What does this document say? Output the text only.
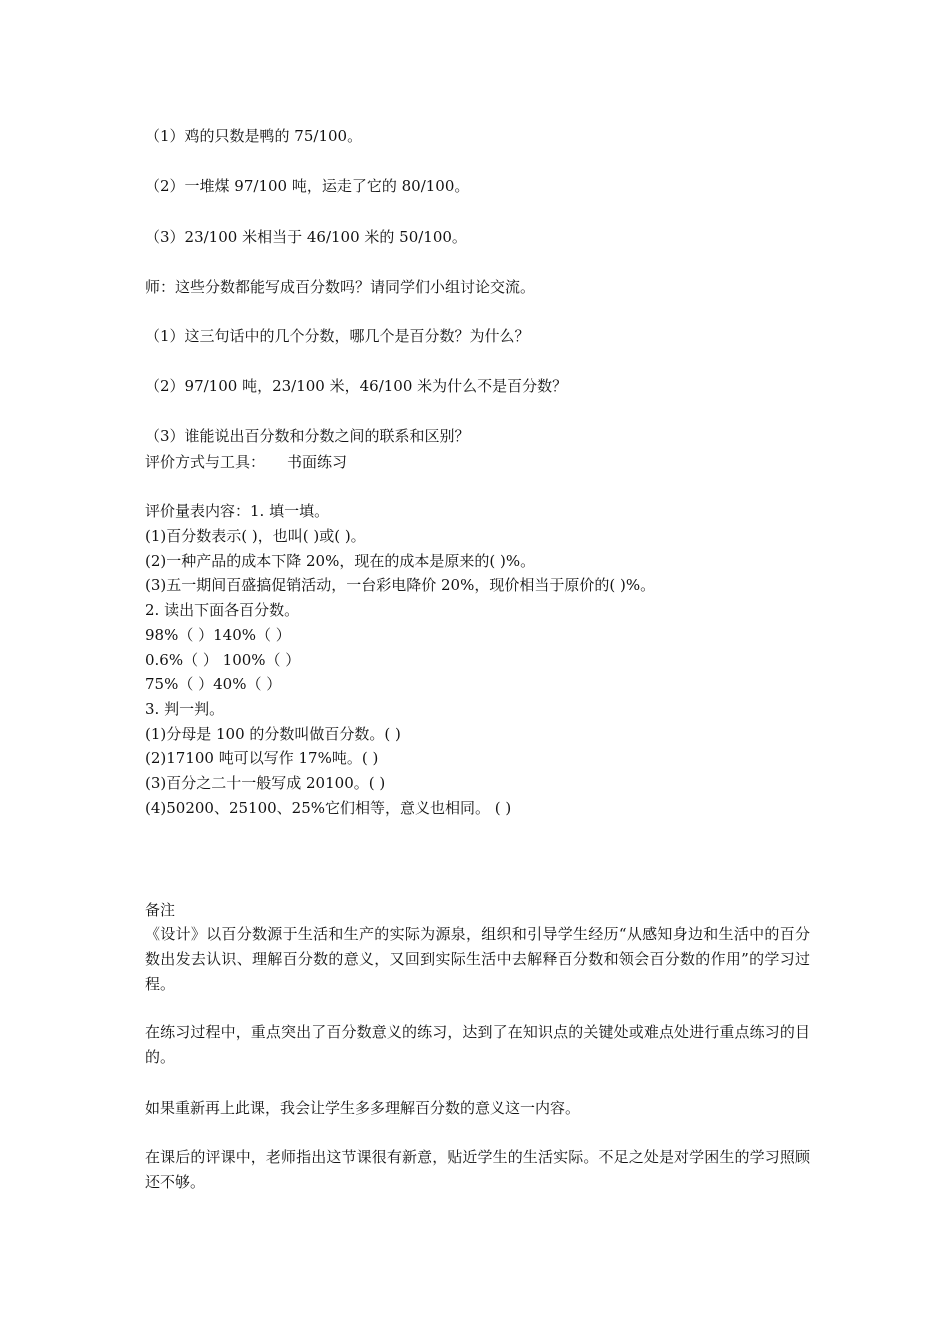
（1）鸡的只数是鸭的 75/100。
（2）一堆煤 97/100 吨，运走了它的 80/100。
（3）23/100 米相当于 46/100 米的 50/100。
师：这些分数都能写成百分数吗？请同学们小组讨论交流。
（1）这三句话中的几个分数，哪几个是百分数？为什么？
（2）97/100 吨，23/100 米，46/100 米为什么不是百分数？
（3）谁能说出百分数和分数之间的联系和区别？
评价方式与工具： 书面练习
评价量表内容：1. 填一填。
(1)百分数表示( )，也叫( )或( )。
(2)一种产品的成本下降 20%，现在的成本是原来的( )%。
(3)五一期间百盛搞促销活动，一台彩电降价 20%，现价相当于原价的( )%。
2. 读出下面各百分数。
98%（ ）140%（ ）
0.6%（ ） 100%（ ）
75%（ ）40%（ ）
3. 判一判。
(1)分母是 100 的分数叫做百分数。( )
(2)17100 吨可以写作 17%吨。( )
(3)百分之二十一般写成 20100。( )
(4)50200、25100、25%它们相等，意义也相同。 ( )
备注
《设计》以百分数源于生活和生产的实际为源泉，组织和引导学生经历“从感知身边和生活中的百分数出发去认识、理解百分数的意义，又回到实际生活中去解释百分数和领会百分数的作用”的学习过程。
在练习过程中，重点突出了百分数意义的练习，达到了在知识点的关键处或难点处进行重点练习的目的。
如果重新再上此课，我会让学生多多理解百分数的意义这一内容。
在课后的评课中，老师指出这节课很有新意，贴近学生的生活实际。不足之处是对学困生的学习照顾还不够。
